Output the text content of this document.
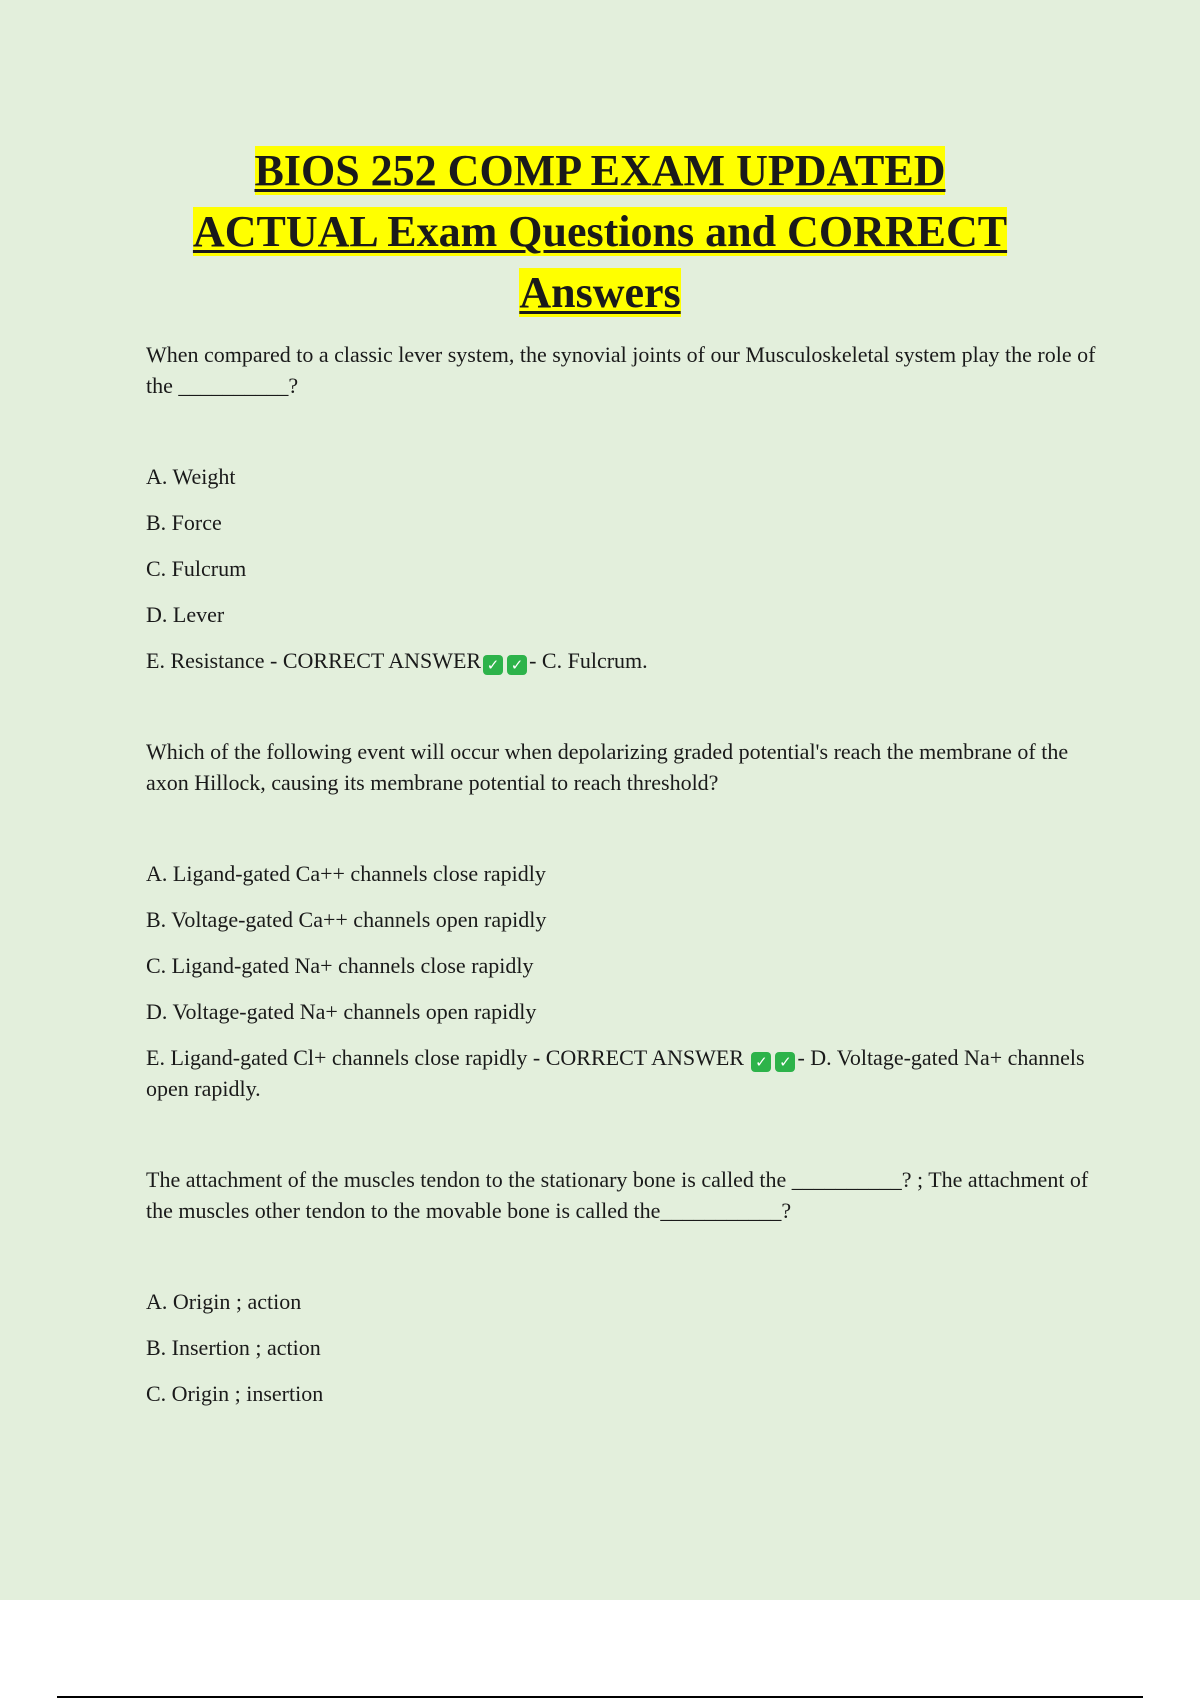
BIOS 252 COMP EXAM UPDATED
ACTUAL Exam Questions and CORRECT
Answers

When compared to a classic lever system, the synovial joints of our Musculoskeletal system play the role of the __________?

A. Weight
B. Force
C. Fulcrum
D. Lever
E. Resistance - CORRECT ANSWER ✓ ✓ - C. Fulcrum.

Which of the following event will occur when depolarizing graded potential's reach the membrane of the axon Hillock, causing its membrane potential to reach threshold?

A. Ligand-gated Ca++ channels close rapidly
B. Voltage-gated Ca++ channels open rapidly
C. Ligand-gated Na+ channels close rapidly
D. Voltage-gated Na+ channels open rapidly
E. Ligand-gated Cl+ channels close rapidly - CORRECT ANSWER ✓ ✓ - D. Voltage-gated Na+ channels open rapidly.

The attachment of the muscles tendon to the stationary bone is called the __________? ; The attachment of the muscles other tendon to the movable bone is called the___________?

A. Origin ; action
B. Insertion ; action
C. Origin ; insertion
